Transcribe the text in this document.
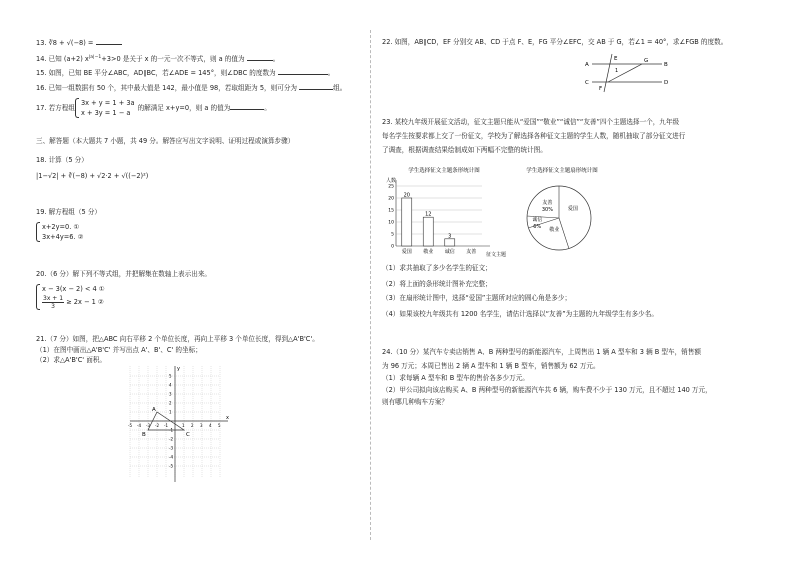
13. ∛8 + √(−8) =
14. 已知 (a+2) $x^{|a|-1}+3>0$ 是关于 x 的一元一次不等式，则 a 的值为	。
15. 如图，已知 BE 平分∠ABC，AD∥BC，若∠ADE = 145°，则∠DBC 的度数为	。
16. 已知一组数据有 50 个，其中最大值是 142，最小值是 98，若取组距为 5，则可分为	组。
17. 若方程组
3x + y = 1 + 3a
x + 3y = 1 − a
的解满足 x+y=0，则 a 的值为	。
三、解答题（本大题共 7 小题，共 49 分。解答应写出文字说明、证明过程或演算步骤）
18. 计算（5 分）
|1−√2| + ∛(−8) + √2·2 + √((−2)²)
19. 解方程组（5 分）
x+2y=0. ①
3x+4y=6. ②
20.（6 分）解下列不等式组，并把解集在数轴上表示出来。
x − 3(x − 2) < 4 ①
$\frac{3x + 1}{3} \ge 2x - 1$ ②
21.（7 分）如图，把△ABC 向右平移 2 个单位长度，再向上平移 3 个单位长度，得到△A'B'C'。
（1）在图中画出△A'B'C' 并写出点 A'、B'、C' 的坐标；
（2）求△A'B'C' 面积。
-5 -4 -3 -2 -1	1 2 3 4 5
5
4
3
2
1
-1
-2
-3
-4
-5
x
y
A
B	C
22. 如图，AB∥CD，EF 分别交 AB、CD 于点 F、E，FG 平分∠EFC，交 AB 于 G，若∠1 = 40°，求∠FGB 的度数。
A	B
C	D
E
F
G
1
23. 某校九年级开展征文活动，征文主题只能从“爱国”“敬业”“诚信”“友善”四个主题选择一个，九年级
每名学生按要求都上交了一份征文，学校为了解选择各种征文主题的学生人数，随机抽取了部分征文进行
了调查，根据调查结果绘制成如下两幅不完整的统计图。
学生选择征文主题条形统计图
人数
征文主题
0
5
10
15
20
25
20
爱国
12
敬业
3
诚信 友善
学生选择征文主题扇形统计图
爱国
敬业
诚信
6%
友善
30%
（1）求共抽取了多少名学生的征文；
（2）将上面的条形统计图补充完整；
（3）在扇形统计图中，选择“爱国”主题所对应的圆心角是多少；
（4）如果该校九年级共有 1200 名学生，请估计选择以“友善”为主题的九年级学生有多少名。
24.（10 分）某汽车专卖店销售 A、B 两种型号的新能源汽车，上周售出 1 辆 A 型车和 3 辆 B 型车，销售额
为 96 万元；本周已售出 2 辆 A 型车和 1 辆 B 型车，销售额为 62 万元。
（1）求每辆 A 型车和 B 型车的售价各多少万元。
（2）甲公司拟向该店购买 A、B 两种型号的新能源汽车共 6 辆，购车费不少于 130 万元，且不超过 140 万元，
则有哪几种购车方案？
